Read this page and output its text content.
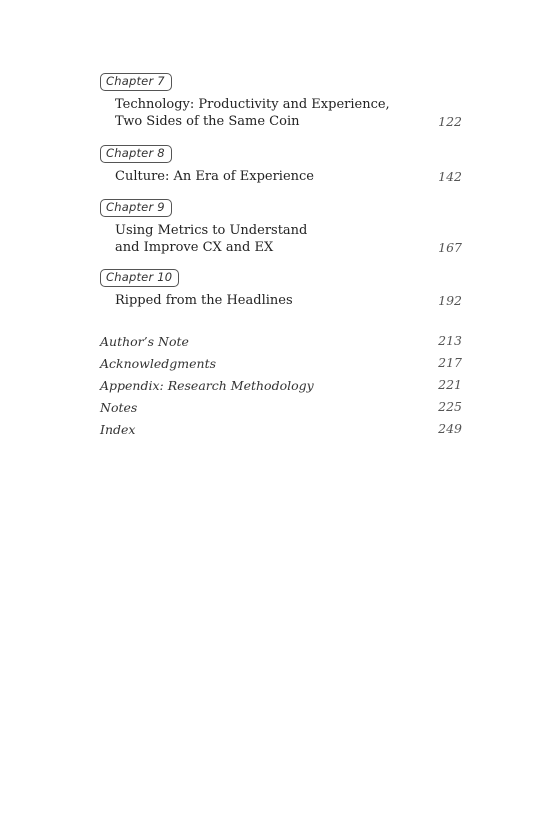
Chapter 7
Technology: Productivity and Experience,
Two Sides of the Same Coin	122
Chapter 8
Culture: An Era of Experience	142
Chapter 9
Using Metrics to Understand
and Improve CX and EX	167
Chapter 10
Ripped from the Headlines	192
Author’s Note	213
Acknowledgments	217
Appendix: Research Methodology	221
Notes	225
Index	249
